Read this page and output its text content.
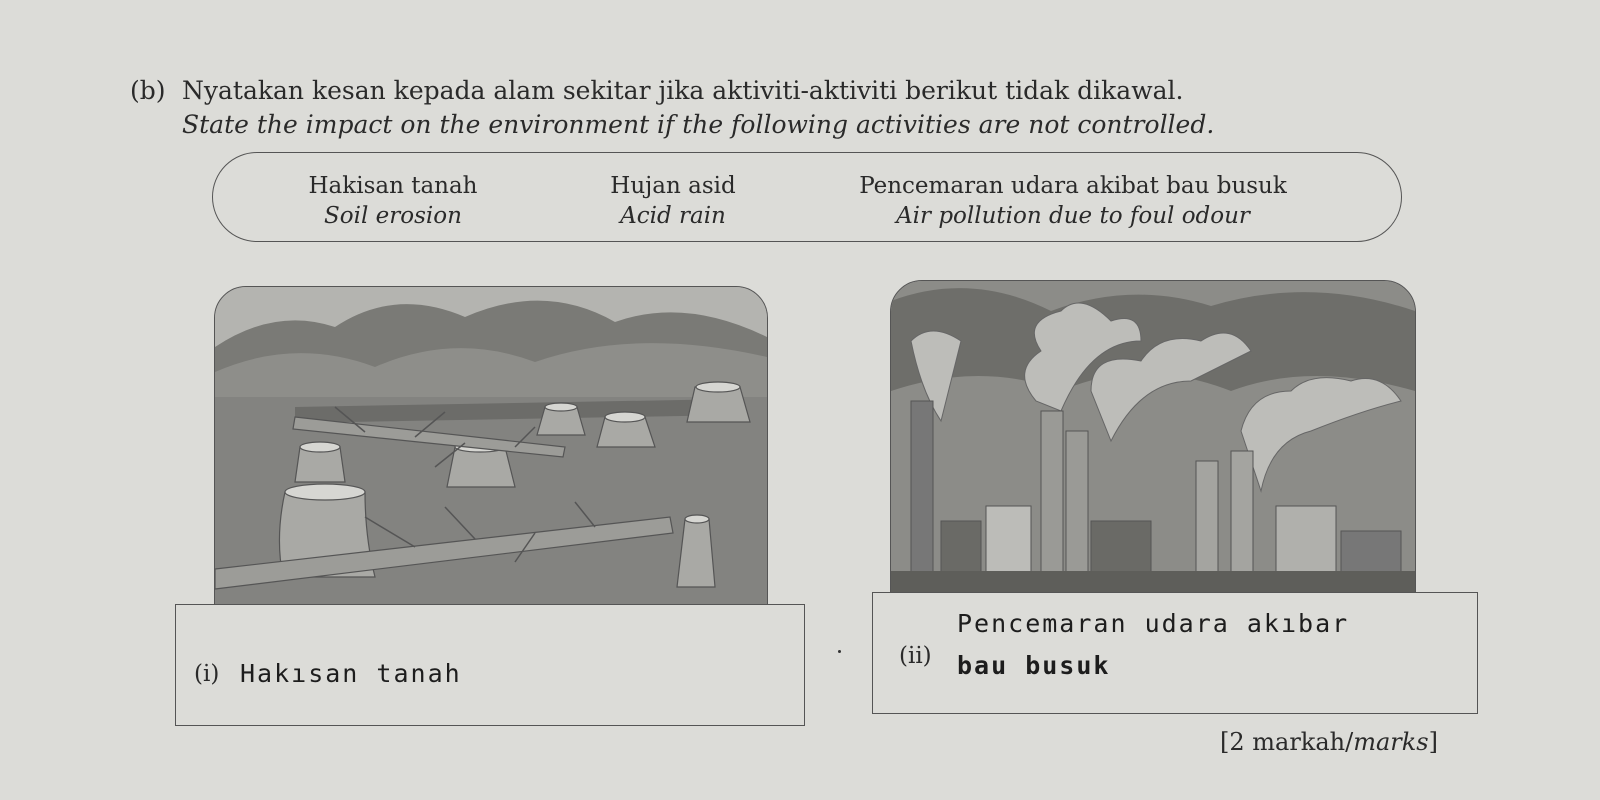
(b) Nyatakan kesan kepada alam sekitar jika aktiviti-aktiviti berikut tidak dikawal.
State the impact on the environment if the following activities are not controlled.
Hakisan tanah
Soil erosion
Hujan asid
Acid rain
Pencemaran udara akibat bau busuk
Air pollution due to foul odour
(i) Hakısan tanah
(ii)
Pencemaran udara akıbar
bau busuk
[2 markah/marks]
